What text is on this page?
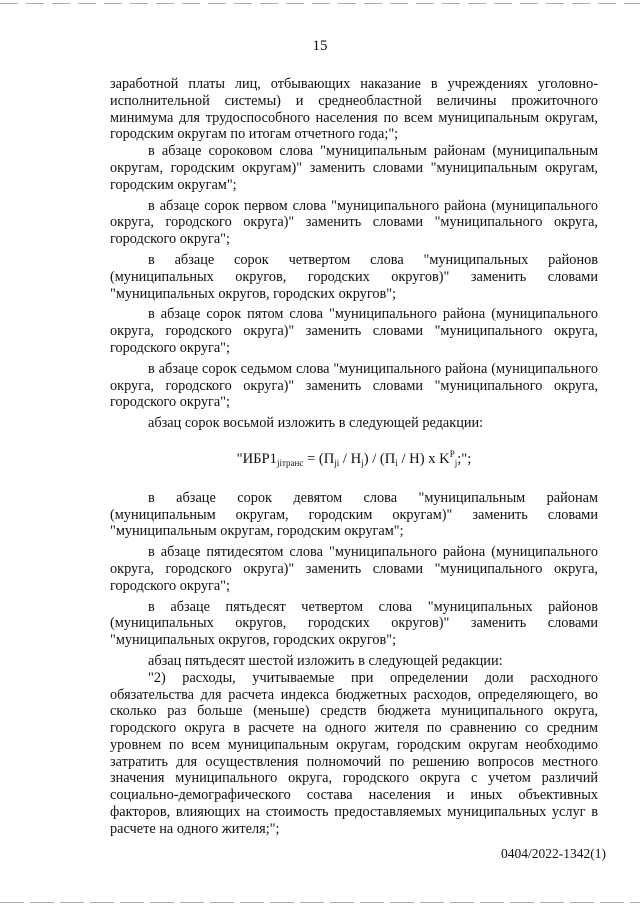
15

заработной платы лиц, отбывающих наказание в учреждениях уголовно-исполнительной системы) и среднеобластной величины прожиточного минимума для трудоспособного населения по всем муниципальным округам, городским округам по итогам отчетного года;";

в абзаце сороковом слова "муниципальным районам (муниципальным округам, городским округам)" заменить словами "муниципальным округам, городским округам";

в абзаце сорок первом слова "муниципального района (муниципального округа, городского округа)" заменить словами "муниципального округа, городского округа";

в абзаце сорок четвертом слова "муниципальных районов (муниципальных округов, городских округов)" заменить словами "муниципальных округов, городских округов";

в абзаце сорок пятом слова "муниципального района (муниципального округа, городского округа)" заменить словами "муниципального округа, городского округа";

в абзаце сорок седьмом слова "муниципального района (муниципального округа, городского округа)" заменить словами "муниципального округа, городского округа";

абзац сорок восьмой изложить в следующей редакции:

"$ИБР1_{jiтранс} = (П_{ji} / H_j) / (П_i / H)$ x $K^P_j$;";

в абзаце сорок девятом слова "муниципальным районам (муниципальным округам, городским округам)" заменить словами "муниципальным округам, городским округам";

в абзаце пятидесятом слова "муниципального района (муниципального округа, городского округа)" заменить словами "муниципального округа, городского округа";

в абзаце пятьдесят четвертом слова "муниципальных районов (муниципальных округов, городских округов)" заменить словами "муниципальных округов, городских округов";

абзац пятьдесят шестой изложить в следующей редакции:

"2) расходы, учитываемые при определении доли расходного обязательства для расчета индекса бюджетных расходов, определяющего, во сколько раз больше (меньше) средств бюджета муниципального округа, городского округа в расчете на одного жителя по сравнению со средним уровнем по всем муниципальным округам, городским округам необходимо затратить для осуществления полномочий по решению вопросов местного значения муниципального округа, городского округа с учетом различий социально-демографического состава населения и иных объективных факторов, влияющих на стоимость предоставляемых муниципальных услуг в расчете на одного жителя;";

0404/2022-1342(1)
